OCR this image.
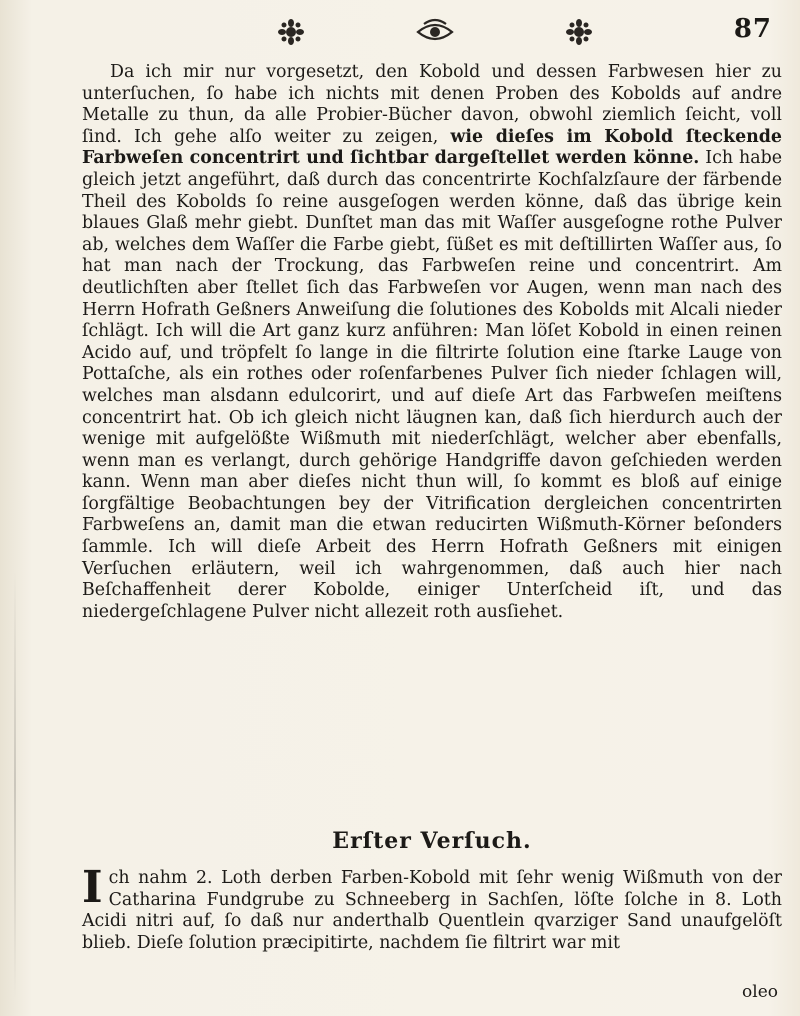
87

Da ich mir nur vorgesetzt, den Kobold und dessen Farbwesen hier zu unterſuchen, ſo habe ich nichts mit denen Proben des Kobolds auf andre Metalle zu thun, da alle Probier-Bücher davon, obwohl ziemlich ſeicht, voll ſind. Ich gehe alſo weiter zu zeigen, wie dieſes im Kobold ſteckende Farbweſen concentrirt und ſichtbar dargeſtellet werden könne. Ich habe gleich jetzt angeführt, daß durch das concentrirte Kochſalzſaure der färbende Theil des Kobolds ſo reine ausgeſogen werden könne, daß das übrige kein blaues Glaß mehr giebt. Dunſtet man das mit Waſſer ausgeſogne rothe Pulver ab, welches dem Waſſer die Farbe giebt, ſüßet es mit deſtillirten Waſſer aus, ſo hat man nach der Trockung, das Farbweſen reine und concentrirt. Am deutlichſten aber ſtellet ſich das Farbweſen vor Augen, wenn man nach des Herrn Hofrath Geßners Anweiſung die ſolutiones des Kobolds mit Alcali nieder ſchlägt. Ich will die Art ganz kurz anführen: Man löſet Kobold in einen reinen Acido auf, und tröpfelt ſo lange in die filtrirte ſolution eine ſtarke Lauge von Pottaſche, als ein rothes oder roſenfarbenes Pulver ſich nieder ſchlagen will, welches man alsdann edulcorirt, und auf dieſe Art das Farbweſen meiſtens concentrirt hat. Ob ich gleich nicht läugnen kan, daß ſich hierdurch auch der wenige mit aufgelößte Wißmuth mit niederſchlägt, welcher aber ebenfalls, wenn man es verlangt, durch gehörige Handgriffe davon geſchieden werden kann. Wenn man aber dieſes nicht thun will, ſo kommt es bloß auf einige ſorgfältige Beobachtungen bey der Vitrification dergleichen concentrirten Farbweſens an, damit man die etwan reducirten Wißmuth-Körner beſonders ſammle. Ich will dieſe Arbeit des Herrn Hofrath Geßners mit einigen Verſuchen erläutern, weil ich wahrgenommen, daß auch hier nach Beſchaffenheit derer Kobolde, einiger Unterſcheid iſt, und das niedergeſchlagene Pulver nicht allezeit roth ausſiehet.

Erſter Verſuch.
Ich nahm 2. Loth derben Farben-Kobold mit ſehr wenig Wißmuth von der Catharina Fundgrube zu Schneeberg in Sachſen, löſte ſolche in 8. Loth Acidi nitri auf, ſo daß nur anderthalb Quentlein qvarziger Sand unaufgelöſt blieb. Dieſe ſolution præcipitirte, nachdem ſie filtrirt war mit
oleo
